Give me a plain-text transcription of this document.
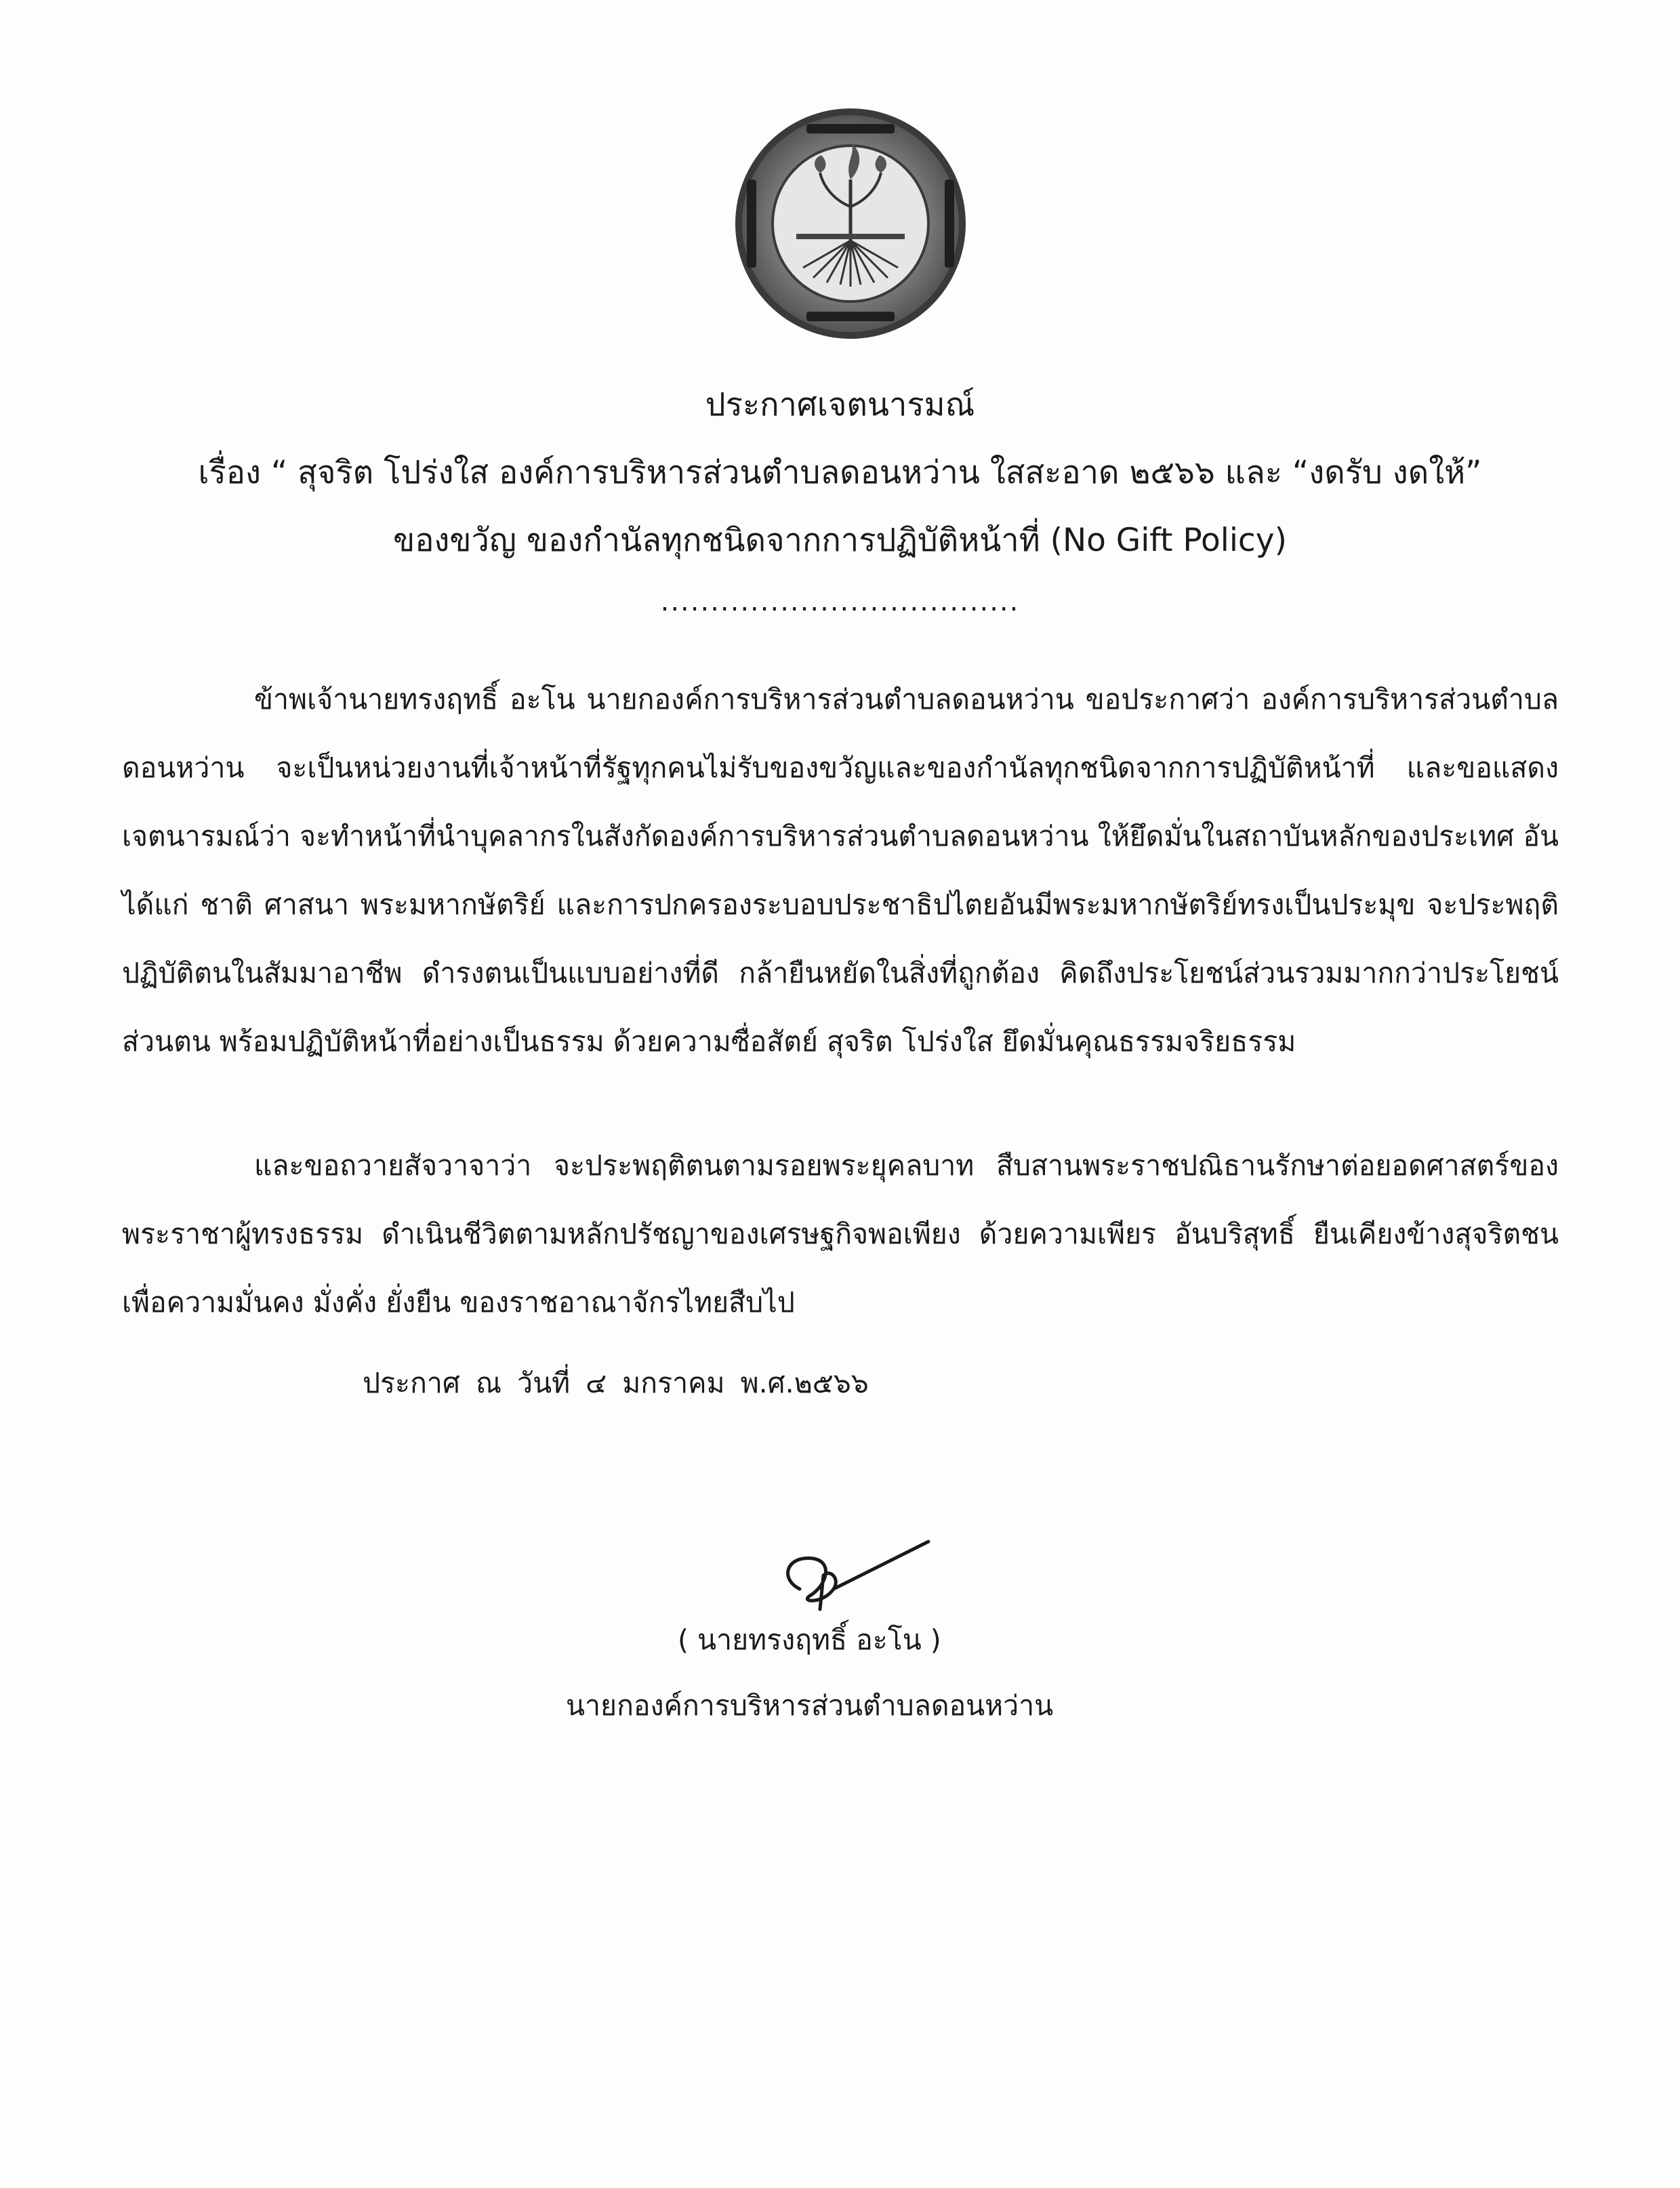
ประกาศเจตนารมณ์
เรื่อง “ สุจริต โปร่งใส องค์การบริหารส่วนตำบลดอนหว่าน ใสสะอาด ๒๕๖๖ และ “งดรับ งดให้”
ของขวัญ ของกำนัลทุกชนิดจากการปฏิบัติหน้าที่ (No Gift Policy)
....................................
ข้าพเจ้านายทรงฤทธิ์ อะโน นายกองค์การบริหารส่วนตำบลดอนหว่าน ขอประกาศว่า องค์การบริหารส่วนตำบลดอนหว่าน จะเป็นหน่วยงานที่เจ้าหน้าที่รัฐทุกคนไม่รับของขวัญและของกำนัลทุกชนิดจากการปฏิบัติหน้าที่ และขอแสดงเจตนารมณ์ว่า จะทำหน้าที่นำบุคลากรในสังกัดองค์การบริหารส่วนตำบลดอนหว่าน ให้ยึดมั่นในสถาบันหลักของประเทศ อันได้แก่ ชาติ ศาสนา พระมหากษัตริย์ และการปกครองระบอบประชาธิปไตยอันมีพระมหากษัตริย์ทรงเป็นประมุข จะประพฤติปฏิบัติตนในสัมมาอาชีพ ดำรงตนเป็นแบบอย่างที่ดี กล้ายืนหยัดในสิ่งที่ถูกต้อง คิดถึงประโยชน์ส่วนรวมมากกว่าประโยชน์ส่วนตน พร้อมปฏิบัติหน้าที่อย่างเป็นธรรม ด้วยความซื่อสัตย์ สุจริต โปร่งใส ยึดมั่นคุณธรรมจริยธรรม
และขอถวายสัจวาจาว่า จะประพฤติตนตามรอยพระยุคลบาท สืบสานพระราชปณิธานรักษาต่อยอดศาสตร์ของพระราชาผู้ทรงธรรม ดำเนินชีวิตตามหลักปรัชญาของเศรษฐกิจพอเพียง ด้วยความเพียร อันบริสุทธิ์ ยืนเคียงข้างสุจริตชน เพื่อความมั่นคง มั่งคั่ง ยั่งยืน ของราชอาณาจักรไทยสืบไป
ประกาศ ณ วันที่ ๔ มกราคม พ.ศ.๒๕๖๖
( นายทรงฤทธิ์ อะโน )
นายกองค์การบริหารส่วนตำบลดอนหว่าน
